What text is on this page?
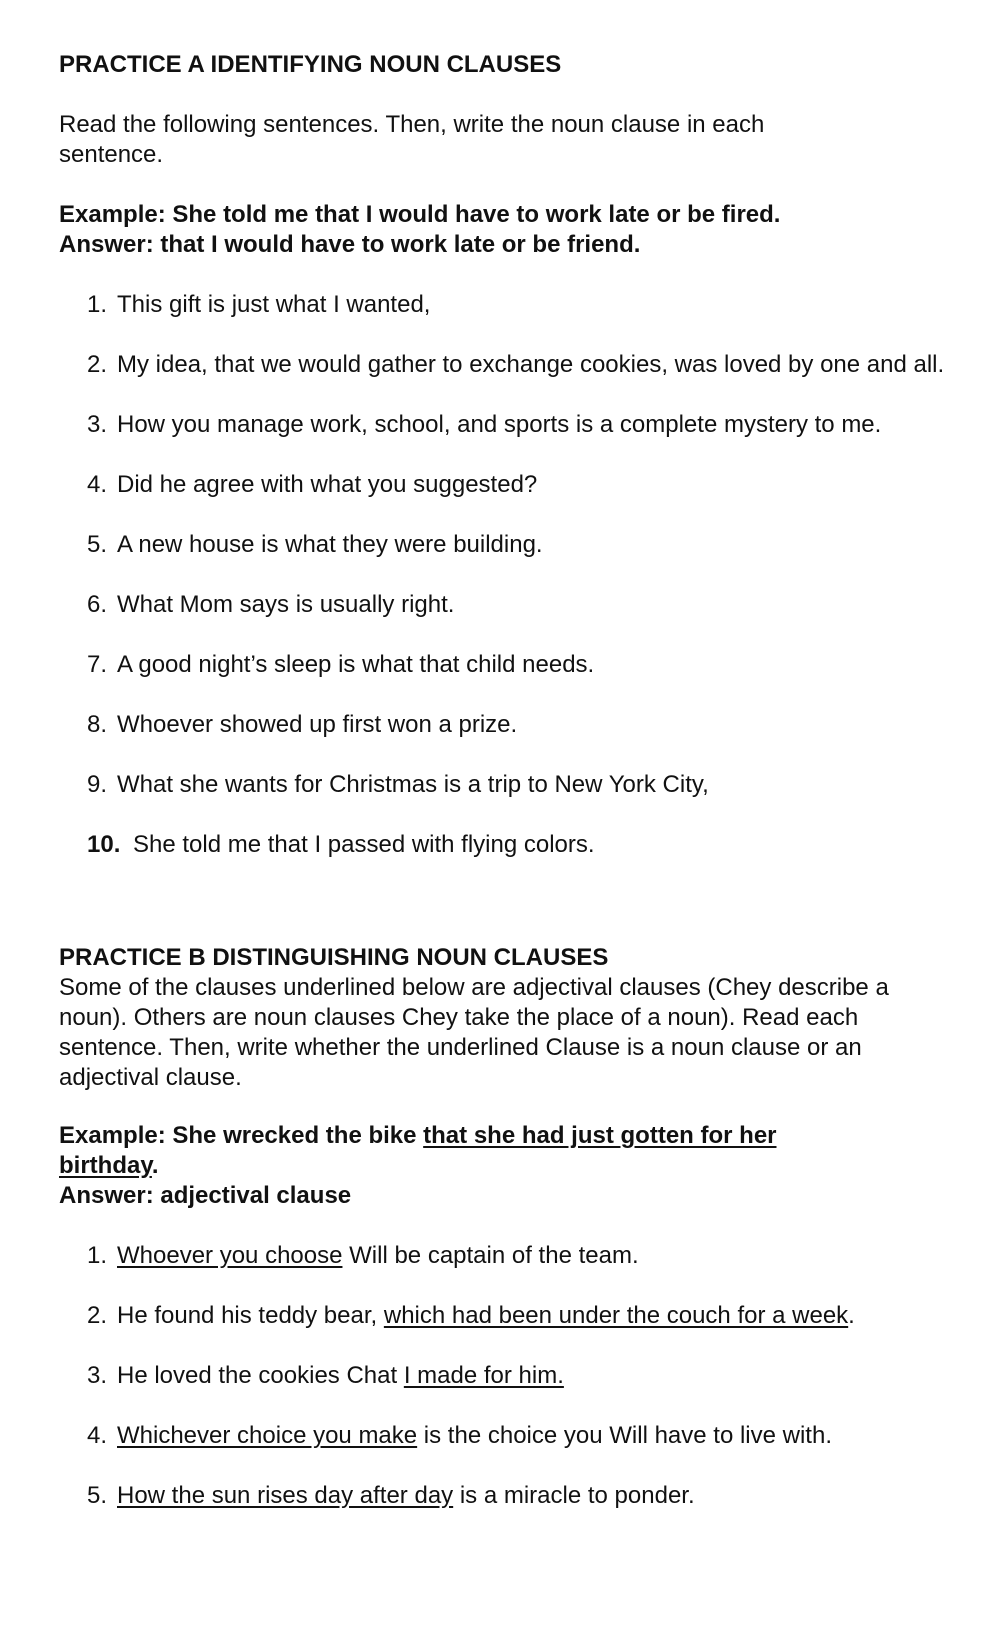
PRACTICE A IDENTIFYING NOUN CLAUSES

Read the following sentences. Then, write the noun clause in each sentence.

Example: She told me that I would have to work late or be fired.

Answer: that I would have to work late or be friend.

1. This gift is just what I wanted,
2. My idea, that we would gather to exchange cookies, was loved by one and all.
3. How you manage work, school, and sports is a complete mystery to me.
4. Did he agree with what you suggested?
5. A new house is what they were building.
6. What Mom says is usually right.
7. A good night’s sleep is what that child needs.
8. Whoever showed up first won a prize.
9. What she wants for Christmas is a trip to New York City,
10. She told me that I passed with flying colors.

PRACTICE B DISTINGUISHING NOUN CLAUSES

Some of the clauses underlined below are adjectival clauses (Chey describe a noun). Others are noun clauses Chey take the place of a noun). Read each sentence. Then, write whether the underlined Clause is a noun clause or an adjectival clause.

Example: She wrecked the bike that she had just gotten for her birthday.

Answer: adjectival clause

1. Whoever you choose Will be captain of the team.
2. He found his teddy bear, which had been under the couch for a week.
3. He loved the cookies Chat I made for him.
4. Whichever choice you make is the choice you Will have to live with.
5. How the sun rises day after day is a miracle to ponder.
